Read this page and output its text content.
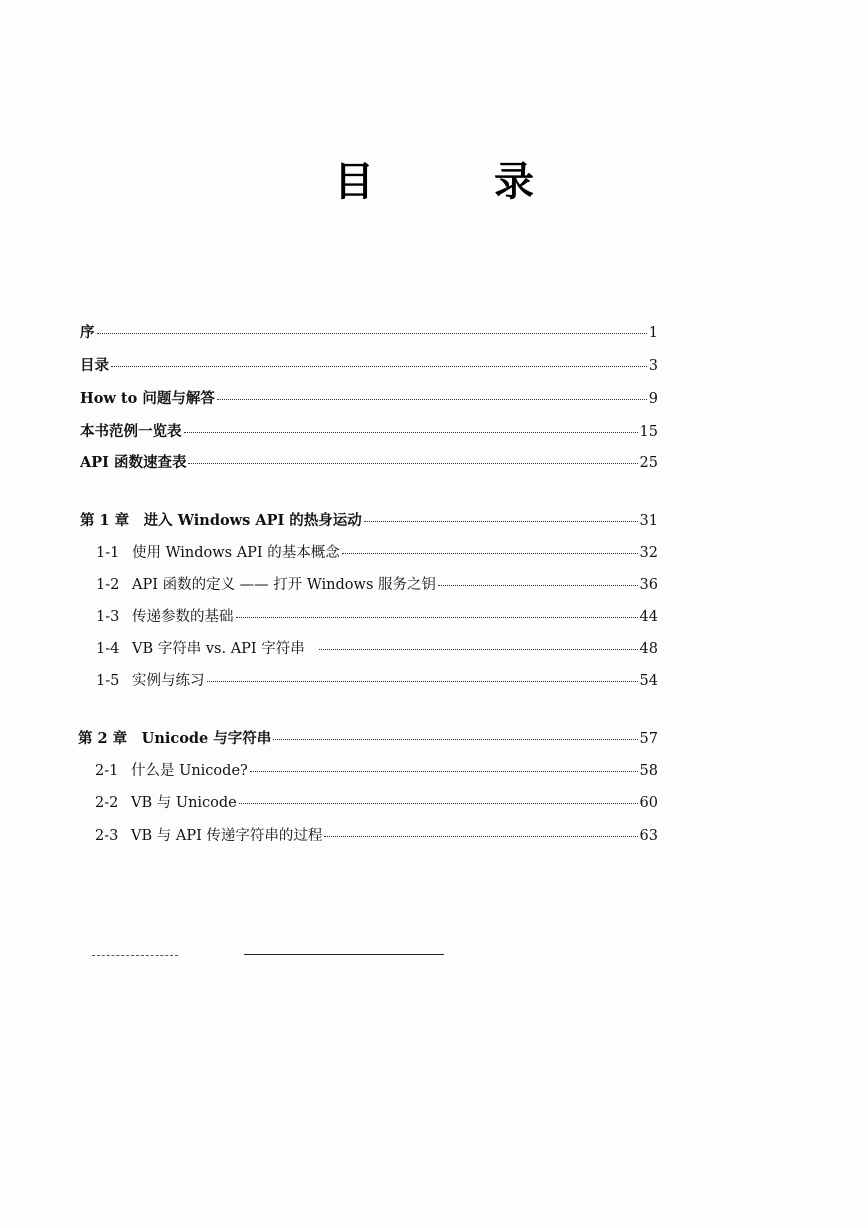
目　录
序	1
目录	3
How to 问题与解答	9
本书范例一览表	15
API 函数速查表	25
第 1 章　进入 Windows API 的热身运动	31
1-1 使用 Windows API 的基本概念	32
1-2 API 函数的定义 —— 打开 Windows 服务之钥	36
1-3 传递参数的基础	44
1-4 VB 字符串 vs. API 字符串	48
1-5 实例与练习	54
第 2 章　Unicode 与字符串	57
2-1 什么是 Unicode?	58
2-2 VB 与 Unicode	60
2-3 VB 与 API 传递字符串的过程	63
